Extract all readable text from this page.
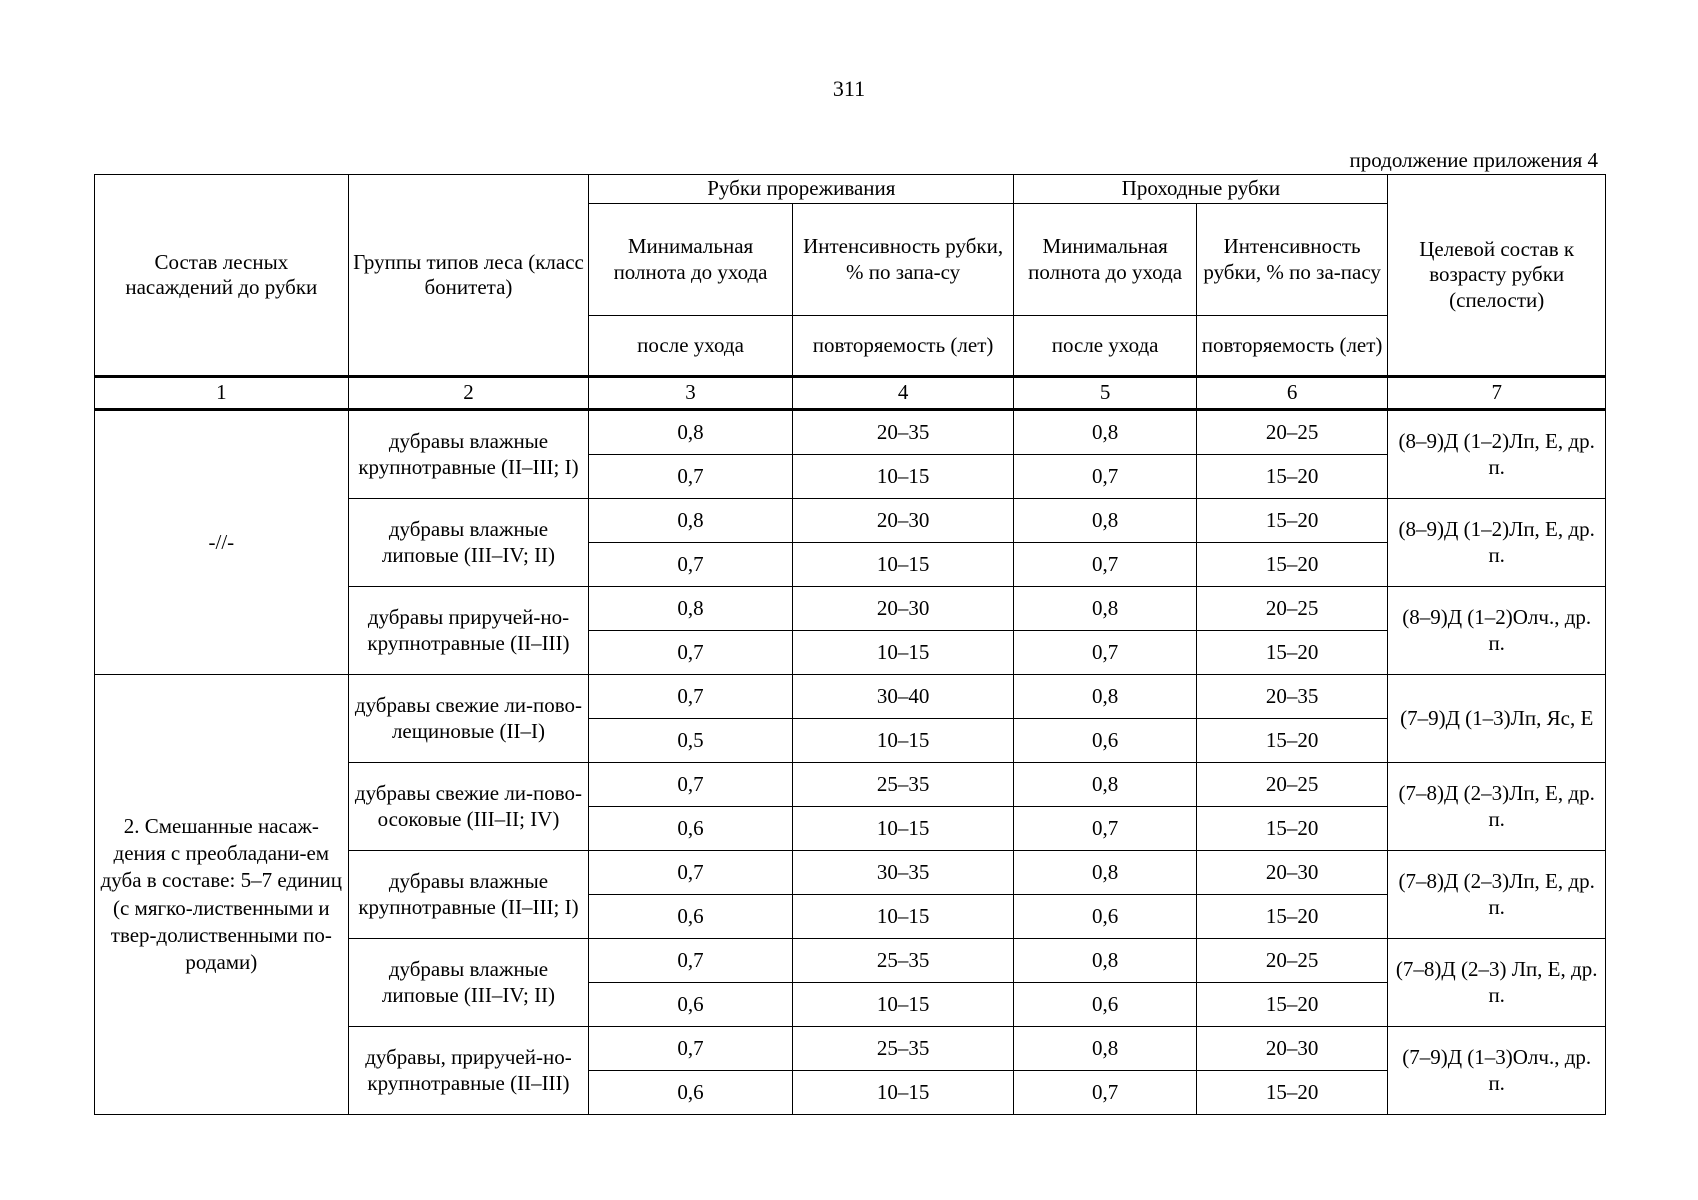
311
продолжение приложения 4
Состав лесных насаждений до рубки	Группы типов леса (класс бонитета)	Рубки прореживания		Проходные рубки		Целевой состав к возрасту рубки (спелости)
		Минимальная полнота до ухода	Интенсивность рубки, % по запа-су	Минимальная полнота до ухода	Интенсивность рубки, % по за-пасу	
		после ухода	повторяемость (лет)	после ухода	повторяемость (лет)	
1	2	3	4	5	6	7
-//-	дубравы влажные крупнотравные (II–III; I)	0,8	20–35	0,8	20–25	(8–9)Д (1–2)Лп, Е, др. п.
		0,7	10–15	0,7	15–20	
	дубравы влажные липовые (III–IV; II)	0,8	20–30	0,8	15–20	(8–9)Д (1–2)Лп, Е, др. п.
		0,7	10–15	0,7	15–20	
	дубравы приручей-но-крупнотравные (II–III)	0,8	20–30	0,8	20–25	(8–9)Д (1–2)Олч., др. п.
		0,7	10–15	0,7	15–20	
2. Смешанные насаж-дения с преобладани-ем дуба в составе: 5–7 единиц (с мягко-лиственными и твер-долиственными по-родами)	дубравы свежие ли-пово-лещиновые (II–I)	0,7	30–40	0,8	20–35	(7–9)Д (1–3)Лп, Яс, Е
		0,5	10–15	0,6	15–20	
	дубравы свежие ли-пово-осоковые (III–II; IV)	0,7	25–35	0,8	20–25	(7–8)Д (2–3)Лп, Е, др. п.
		0,6	10–15	0,7	15–20	
	дубравы влажные крупнотравные (II–III; I)	0,7	30–35	0,8	20–30	(7–8)Д (2–3)Лп, Е, др. п.
		0,6	10–15	0,6	15–20	
	дубравы влажные липовые (III–IV; II)	0,7	25–35	0,8	20–25	(7–8)Д (2–3) Лп, Е, др. п.
		0,6	10–15	0,6	15–20	
	дубравы, приручей-но-крупнотравные (II–III)	0,7	25–35	0,8	20–30	(7–9)Д (1–3)Олч., др. п.
		0,6	10–15	0,7	15–20	
